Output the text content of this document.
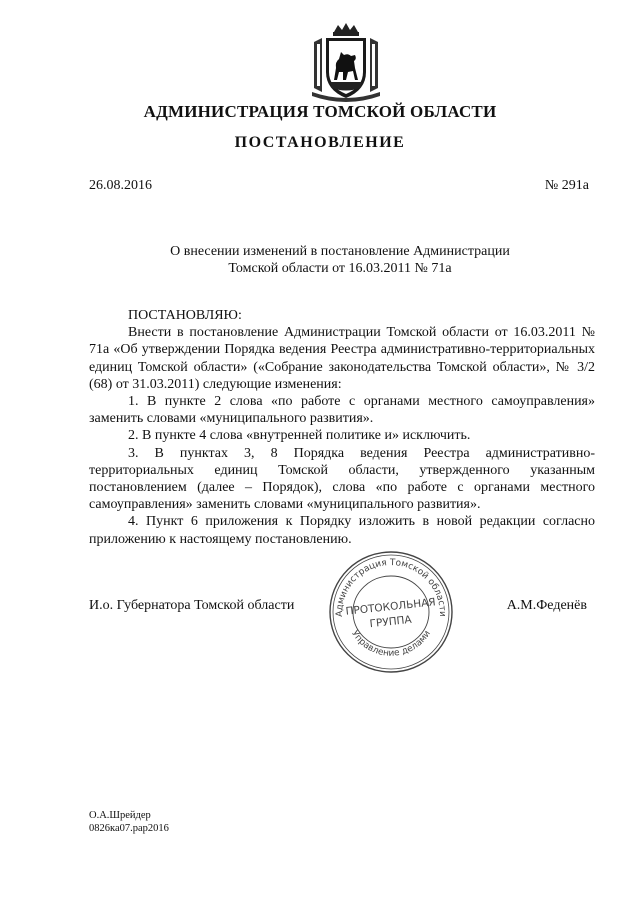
АДМИНИСТРАЦИЯ ТОМСКОЙ ОБЛАСТИ
ПОСТАНОВЛЕНИЕ
26.08.2016	№ 291а
О внесении изменений в постановление Администрации
Томской области от 16.03.2011 № 71а

ПОСТАНОВЛЯЮ:

Внести в постановление Администрации Томской области от 16.03.2011 № 71а «Об утверждении Порядка ведения Реестра административно-территориальных единиц Томской области» («Собрание законодательства Томской области», № 3/2 (68) от 31.03.2011) следующие изменения:

1. В пункте 2 слова «по работе с органами местного самоуправления» заменить словами «муниципального развития».

2. В пункте 4 слова «внутренней политике и» исключить.

3. В пунктах 3, 8 Порядка ведения Реестра административно-территориальных единиц Томской области, утвержденного указанным постановлением (далее – Порядок), слова «по работе с органами местного самоуправления» заменить словами «муниципального развития».

4. Пункт 6 приложения к Порядку изложить в новой редакции согласно приложению к настоящему постановлению.

И.о. Губернатора Томской области	А.М.Феденёв
Администрация Томской области
Управление делами
ПРОТОКОЛЬНАЯ
ГРУППА
О.А.Шрейдер
0826ка07.рар2016
